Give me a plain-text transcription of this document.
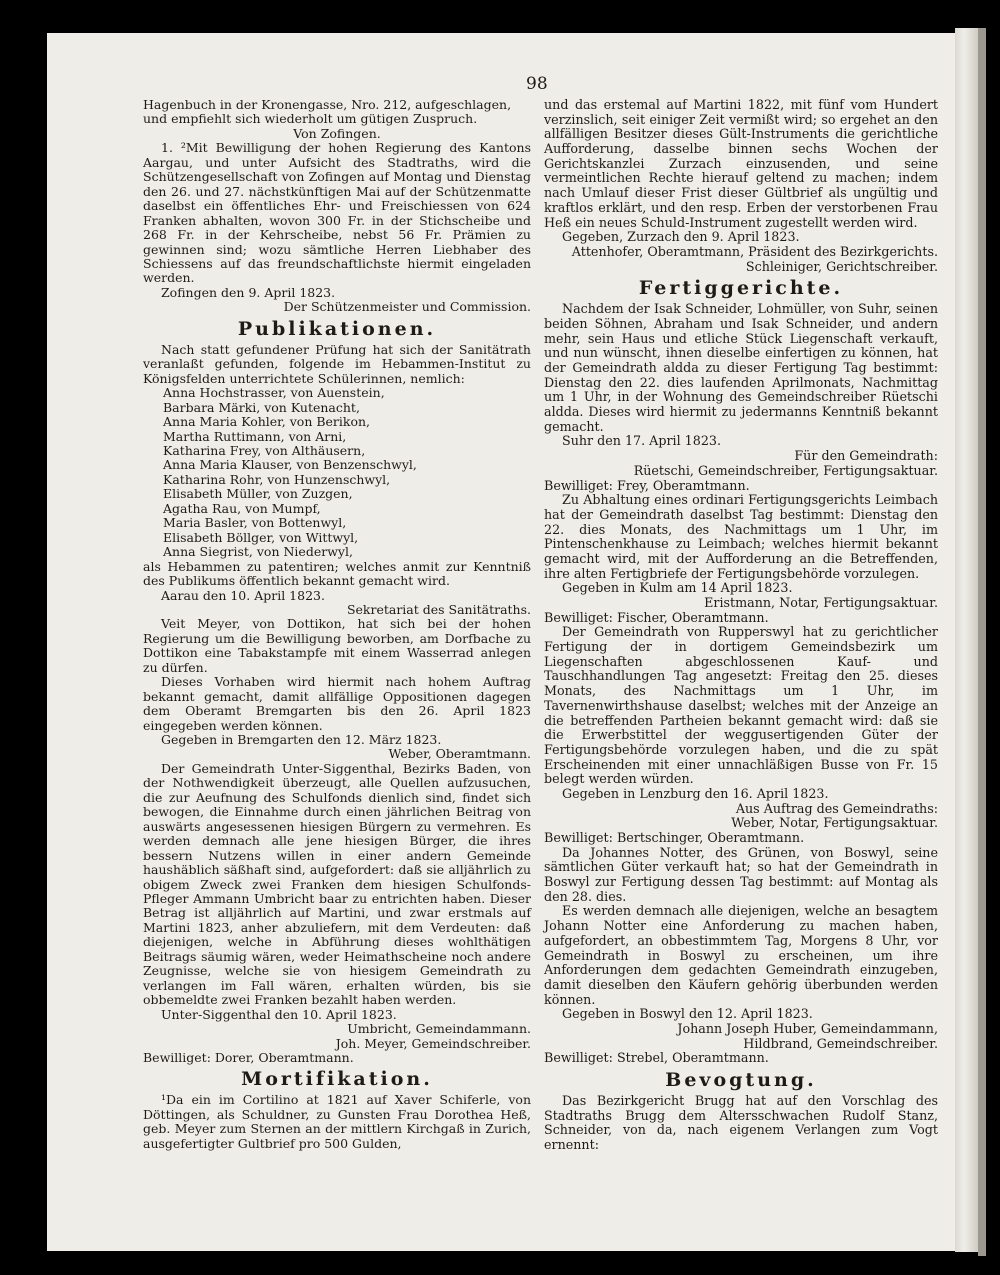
98

Hagenbuch in der Kronengasse, Nro. 212, aufgeschlagen,

und empfiehlt sich wiederholt um gütigen Zuspruch.

Von Zofingen.

1. ²Mit Bewilligung der hohen Regierung des Kantons Aargau, und unter Aufsicht des Stadtraths, wird die Schützengesellschaft von Zofingen auf Montag und Dienstag den 26. und 27. nächstkünftigen Mai auf der Schützenmatte daselbst ein öffentliches Ehr- und Freischiessen von 624 Franken abhalten, wovon 300 Fr. in der Stichscheibe und 268 Fr. in der Kehrscheibe, nebst 56 Fr. Prämien zu gewinnen sind; wozu sämtliche Herren Liebhaber des Schiessens auf das freundschaftlichste hiermit eingeladen werden.

Zofingen den 9. April 1823.

Der Schützenmeister und Commission.

Publikationen.

Nach statt gefundener Prüfung hat sich der Sanitätrath veranlaßt gefunden, folgende im Hebammen-Institut zu Königsfelden unterrichtete Schülerinnen, nemlich:

Anna Hochstrasser, von Auenstein,
Barbara Märki, von Kutenacht,
Anna Maria Kohler, von Berikon,
Martha Ruttimann, von Arni,
Katharina Frey, von Althäusern,
Anna Maria Klauser, von Benzenschwyl,
Katharina Rohr, von Hunzenschwyl,
Elisabeth Müller, von Zuzgen,
Agatha Rau, von Mumpf,
Maria Basler, von Bottenwyl,
Elisabeth Böllger, von Wittwyl,
Anna Siegrist, von Niederwyl,

als Hebammen zu patentiren; welches anmit zur Kenntniß des Publikums öffentlich bekannt gemacht wird.

Aarau den 10. April 1823.

Sekretariat des Sanitätraths.

Veit Meyer, von Dottikon, hat sich bei der hohen Regierung um die Bewilligung beworben, am Dorfbache zu Dottikon eine Tabakstampfe mit einem Wasserrad anlegen zu dürfen.

Dieses Vorhaben wird hiermit nach hohem Auftrag bekannt gemacht, damit allfällige Oppositionen dagegen dem Oberamt Bremgarten bis den 26. April 1823 eingegeben werden können.

Gegeben in Bremgarten den 12. März 1823.

Weber, Oberamtmann.

Der Gemeindrath Unter-Siggenthal, Bezirks Baden, von der Nothwendigkeit überzeugt, alle Quellen aufzusuchen, die zur Aeufnung des Schulfonds dienlich sind, findet sich bewogen, die Einnahme durch einen jährlichen Beitrag von auswärts angesessenen hiesigen Bürgern zu vermehren. Es werden demnach alle jene hiesigen Bürger, die ihres bessern Nutzens willen in einer andern Gemeinde haushäblich säßhaft sind, aufgefordert: daß sie alljährlich zu obigem Zweck zwei Franken dem hiesigen Schulfonds-Pfleger Ammann Umbricht baar zu entrichten haben. Dieser Betrag ist alljährlich auf Martini, und zwar erstmals auf Martini 1823, anher abzuliefern, mit dem Verdeuten: daß diejenigen, welche in Abführung dieses wohlthätigen Beitrags säumig wären, weder Heimathscheine noch andere Zeugnisse, welche sie von hiesigem Gemeindrath zu verlangen im Fall wären, erhalten würden, bis sie obbemeldte zwei Franken bezahlt haben werden.

Unter-Siggenthal den 10. April 1823.

Umbricht, Gemeindammann.

Joh. Meyer, Gemeindschreiber.

Bewilliget: Dorer, Oberamtmann.

Mortifikation.

¹Da ein im Cortilino at 1821 auf Xaver Schiferle, von Döttingen, als Schuldner, zu Gunsten Frau Dorothea Heß, geb. Meyer zum Sternen an der mittlern Kirchgaß in Zurich, ausgefertigter Gultbrief pro 500 Gulden,

und das erstemal auf Martini 1822, mit fünf vom Hundert verzinslich, seit einiger Zeit vermißt wird; so ergehet an den allfälligen Besitzer dieses Gült-Instruments die gerichtliche Aufforderung, dasselbe binnen sechs Wochen der Gerichtskanzlei Zurzach einzusenden, und seine vermeintlichen Rechte hierauf geltend zu machen; indem nach Umlauf dieser Frist dieser Gültbrief als ungültig und kraftlos erklärt, und den resp. Erben der verstorbenen Frau Heß ein neues Schuld-Instrument zugestellt werden wird.

Gegeben, Zurzach den 9. April 1823.

Attenhofer, Oberamtmann, Präsident des Bezirkgerichts.

Schleiniger, Gerichtschreiber.

Fertiggerichte.

Nachdem der Isak Schneider, Lohmüller, von Suhr, seinen beiden Söhnen, Abraham und Isak Schneider, und andern mehr, sein Haus und etliche Stück Liegenschaft verkauft, und nun wünscht, ihnen dieselbe einfertigen zu können, hat der Gemeindrath aldda zu dieser Fertigung Tag bestimmt: Dienstag den 22. dies laufenden Aprilmonats, Nachmittag um 1 Uhr, in der Wohnung des Gemeindschreiber Rüetschi aldda. Dieses wird hiermit zu jedermanns Kenntniß bekannt gemacht.

Suhr den 17. April 1823.

Für den Gemeindrath:

Rüetschi, Gemeindschreiber, Fertigungsaktuar.

Bewilliget: Frey, Oberamtmann.

Zu Abhaltung eines ordinari Fertigungsgerichts Leimbach hat der Gemeindrath daselbst Tag bestimmt: Dienstag den 22. dies Monats, des Nachmittags um 1 Uhr, im Pintenschenkhause zu Leimbach; welches hiermit bekannt gemacht wird, mit der Aufforderung an die Betreffenden, ihre alten Fertigbriefe der Fertigungsbehörde vorzulegen.

Gegeben in Kulm am 14 April 1823.

Eristmann, Notar, Fertigungsaktuar.

Bewilliget: Fischer, Oberamtmann.

Der Gemeindrath von Rupperswyl hat zu gerichtlicher Fertigung der in dortigem Gemeindsbezirk um Liegenschaften abgeschlossenen Kauf- und Tauschhandlungen Tag angesetzt: Freitag den 25. dieses Monats, des Nachmittags um 1 Uhr, im Tavernenwirthshause daselbst; welches mit der Anzeige an die betreffenden Partheien bekannt gemacht wird: daß sie die Erwerbstittel der weggusertigenden Güter der Fertigungsbehörde vorzulegen haben, und die zu spät Erscheinenden mit einer unnachläßigen Busse von Fr. 15 belegt werden würden.

Gegeben in Lenzburg den 16. April 1823.

Aus Auftrag des Gemeindraths:

Weber, Notar, Fertigungsaktuar.

Bewilliget: Bertschinger, Oberamtmann.

Da Johannes Notter, des Grünen, von Boswyl, seine sämtlichen Güter verkauft hat; so hat der Gemeindrath in Boswyl zur Fertigung dessen Tag bestimmt: auf Montag als den 28. dies.

Es werden demnach alle diejenigen, welche an besagtem Johann Notter eine Anforderung zu machen haben, aufgefordert, an obbestimmtem Tag, Morgens 8 Uhr, vor Gemeindrath in Boswyl zu erscheinen, um ihre Anforderungen dem gedachten Gemeindrath einzugeben, damit dieselben den Käufern gehörig überbunden werden können.

Gegeben in Boswyl den 12. April 1823.

Johann Joseph Huber, Gemeindammann,

Hildbrand, Gemeindschreiber.

Bewilliget: Strebel, Oberamtmann.

Bevogtung.

Das Bezirkgericht Brugg hat auf den Vorschlag des Stadtraths Brugg dem Altersschwachen Rudolf Stanz, Schneider, von da, nach eigenem Verlangen zum Vogt ernennt:
